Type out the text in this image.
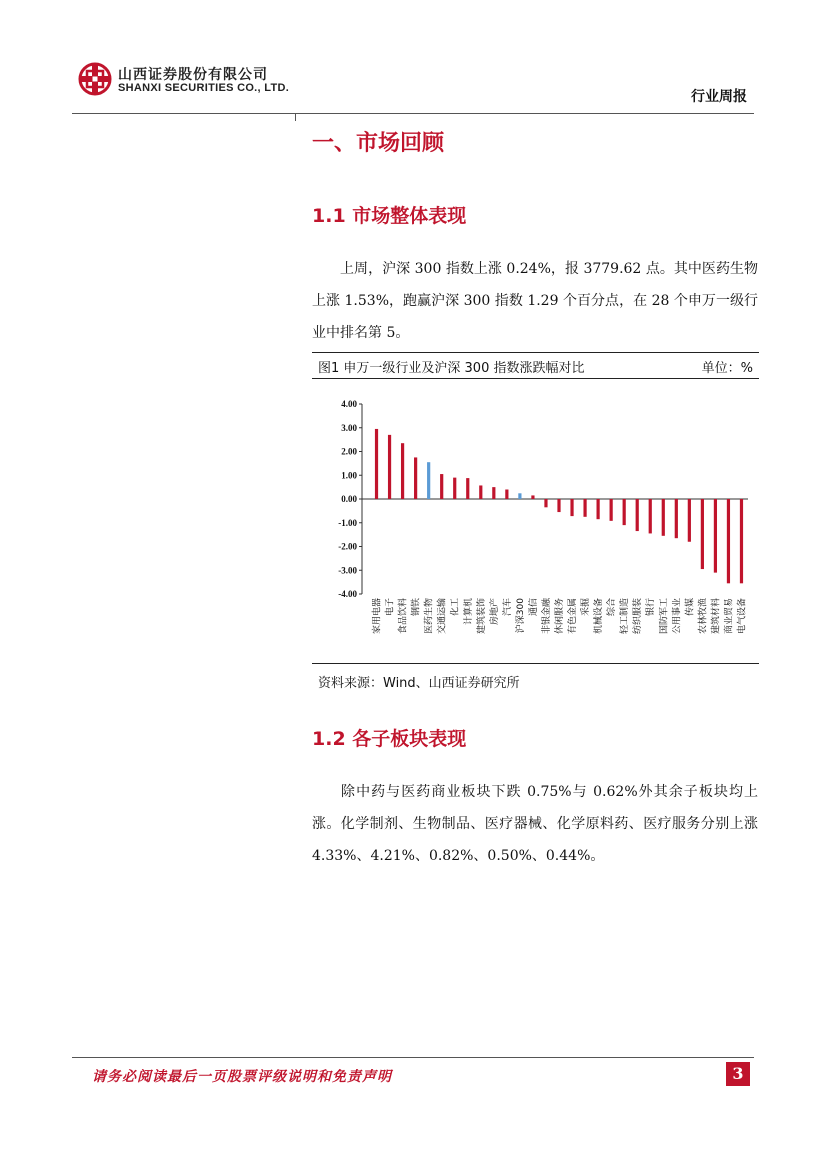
山西证券股份有限公司
SHANXI SECURITIES CO., LTD.
行业周报
一、市场回顾
1.1 市场整体表现
上周，沪深 300 指数上涨 0.24%，报 3779.62 点。其中医药生物上涨 1.53%，跑赢沪深 300 指数 1.29 个百分点，在 28 个申万一级行业中排名第 5。
图1 申万一级行业及沪深 300 指数涨跌幅对比	单位：%
4.00
3.00
2.00
1.00
0.00
-1.00
-2.00
-3.00
-4.00
家用电器 电子 食品饮料 钢铁 医药生物 交通运输 化工 计算机 建筑装饰 房地产 汽车 沪深300 通信 非银金融 休闲服务 有色金属 采掘 机械设备 综合 轻工制造 纺织服装 银行 国防军工 公用事业 传媒 农林牧渔 建筑材料 商业贸易 电气设备
资料来源：Wind、山西证券研究所
1.2 各子板块表现
除中药与医药商业板块下跌 0.75%与 0.62%外其余子板块均上涨。化学制剂、生物制品、医疗器械、化学原料药、医疗服务分别上涨4.33%、4.21%、0.82%、0.50%、0.44%。
请务必阅读最后一页股票评级说明和免责声明	3
